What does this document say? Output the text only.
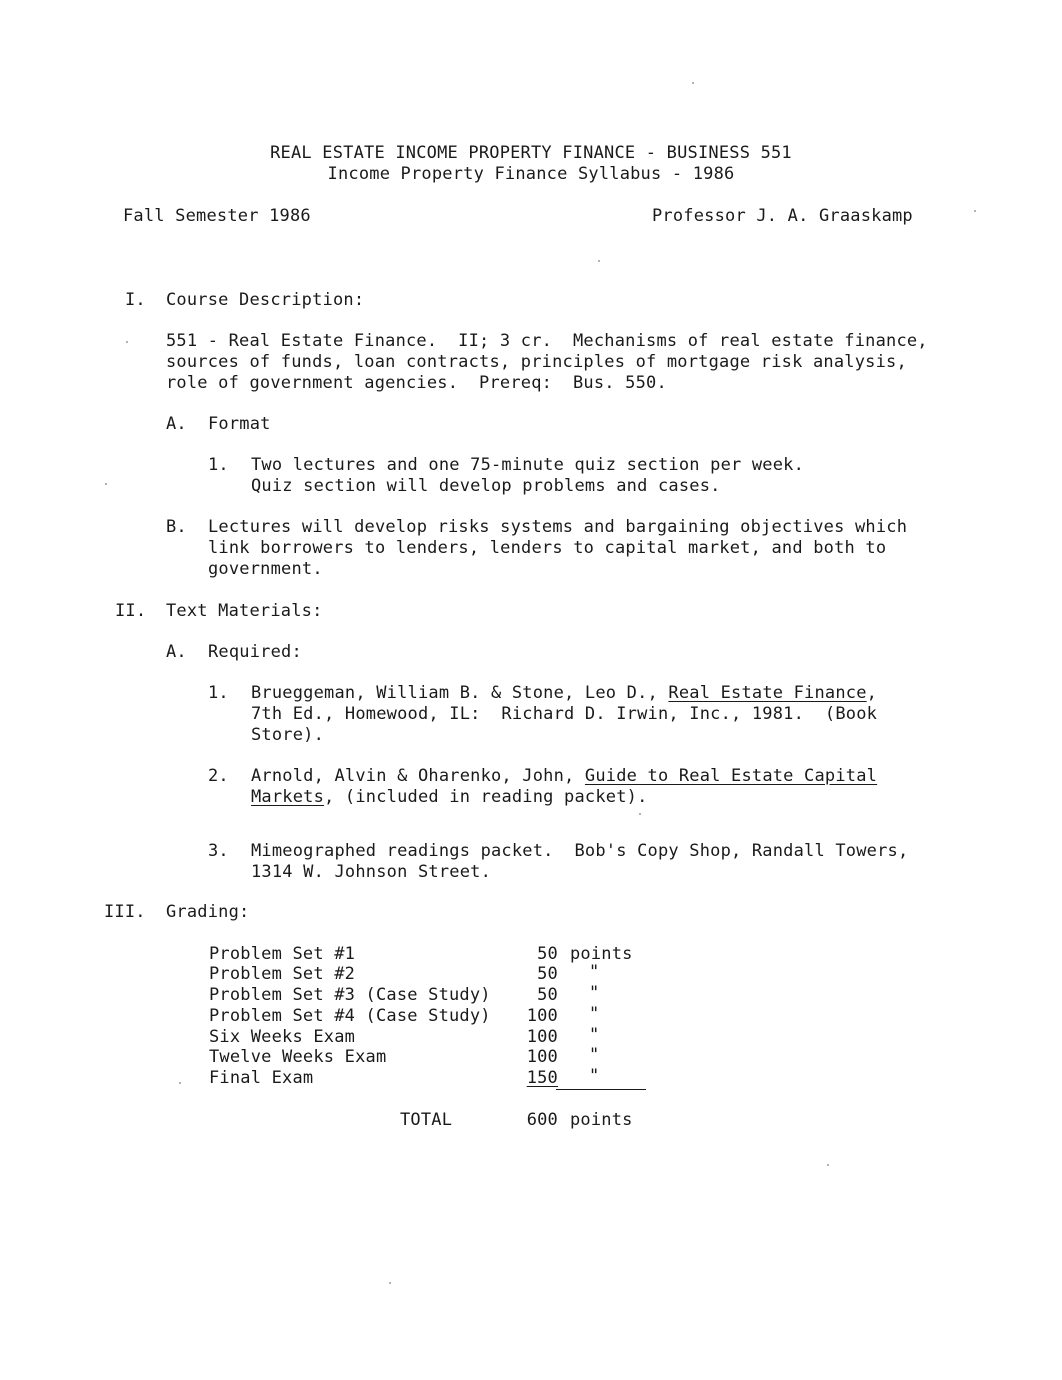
REAL ESTATE INCOME PROPERTY FINANCE - BUSINESS 551
Income Property Finance Syllabus - 1986
Fall Semester 1986	Professor J. A. Graaskamp
I. Course Description:
551 - Real Estate Finance.  II; 3 cr.  Mechanisms of real estate finance,
sources of funds, loan contracts, principles of mortgage risk analysis,
role of government agencies.  Prereq:  Bus. 550.
A. Format
1. Two lectures and one 75-minute quiz section per week.
Quiz section will develop problems and cases.
B. Lectures will develop risks systems and bargaining objectives which
link borrowers to lenders, lenders to capital market, and both to
government.
II. Text Materials:
A. Required:
1. Brueggeman, William B. & Stone, Leo D., Real Estate Finance,
7th Ed., Homewood, IL:  Richard D. Irwin, Inc., 1981.  (Book
Store).
2. Arnold, Alvin & Oharenko, John, Guide to Real Estate Capital
Markets, (included in reading packet).
3. Mimeographed readings packet.  Bob's Copy Shop, Randall Towers,
1314 W. Johnson Street.
III. Grading:
Problem Set #1	50 points
Problem Set #2	50 "
Problem Set #3 (Case Study)	50 "
Problem Set #4 (Case Study)	100 "
Six Weeks Exam	100 "
Twelve Weeks Exam	100 "
Final Exam	150 "
TOTAL	600 points
